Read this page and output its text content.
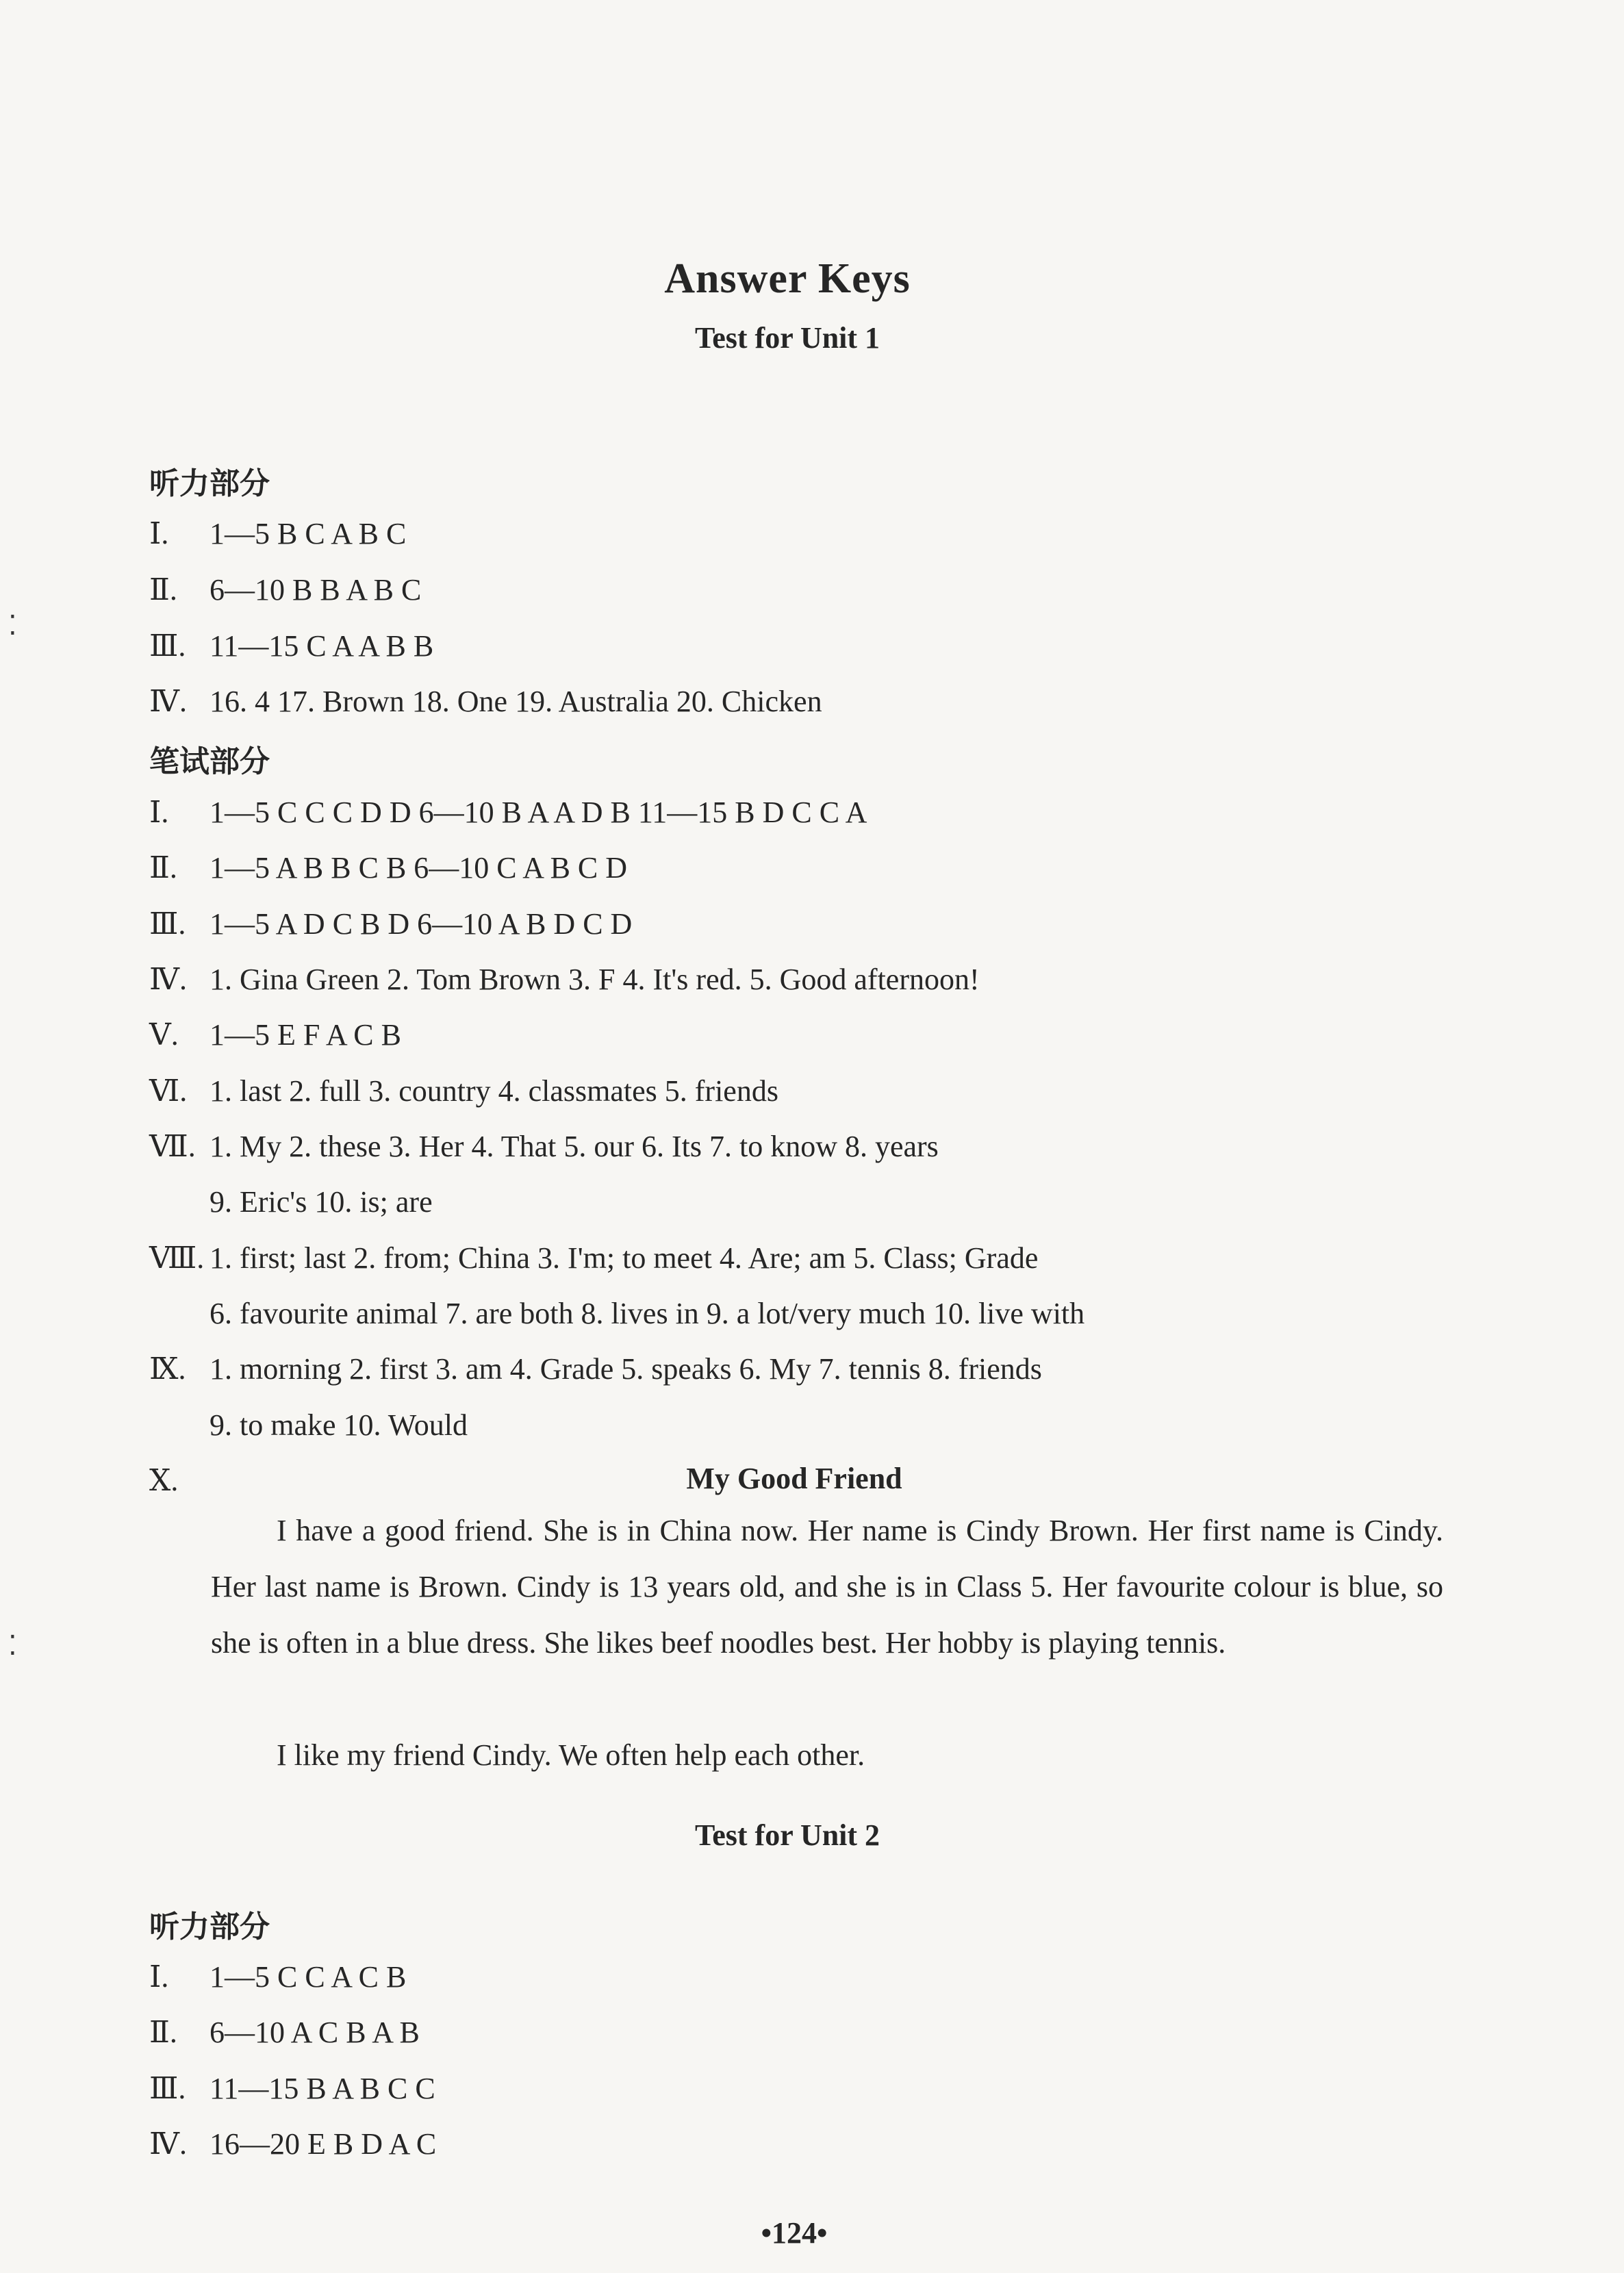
Answer Keys
Test for Unit 1
听力部分
Ⅰ. 1—5 B C A B C
Ⅱ. 6—10 B B A B C
Ⅲ. 11—15 C A A B B
Ⅳ. 16. 4 17. Brown 18. One 19. Australia 20. Chicken
笔试部分
Ⅰ. 1—5 C C C D D 6—10 B A A D B 11—15 B D C C A
Ⅱ. 1—5 A B B C B 6—10 C A B C D
Ⅲ. 1—5 A D C B D 6—10 A B D C D
Ⅳ. 1. Gina Green 2. Tom Brown 3. F 4. It's red. 5. Good afternoon!
Ⅴ. 1—5 E F A C B
Ⅵ. 1. last 2. full 3. country 4. classmates 5. friends
Ⅶ. 1. My 2. these 3. Her 4. That 5. our 6. Its 7. to know 8. years
9. Eric's 10. is; are
Ⅷ. 1. first; last 2. from; China 3. I'm; to meet 4. Are; am 5. Class; Grade
6. favourite animal 7. are both 8. lives in 9. a lot/very much 10. live with
Ⅸ. 1. morning 2. first 3. am 4. Grade 5. speaks 6. My 7. tennis 8. friends
9. to make 10. Would
Ⅹ.	My Good Friend
I have a good friend. She is in China now. Her name is Cindy Brown. Her first name is Cindy. Her last name is Brown. Cindy is 13 years old, and she is in Class 5. Her favourite colour is blue, so she is often in a blue dress. She likes beef noodles best. Her hobby is playing tennis.
I like my friend Cindy. We often help each other.
Test for Unit 2
听力部分
Ⅰ. 1—5 C C A C B
Ⅱ. 6—10 A C B A B
Ⅲ. 11—15 B A B C C
Ⅳ. 16—20 E B D A C
•124•
⁚
⁚
